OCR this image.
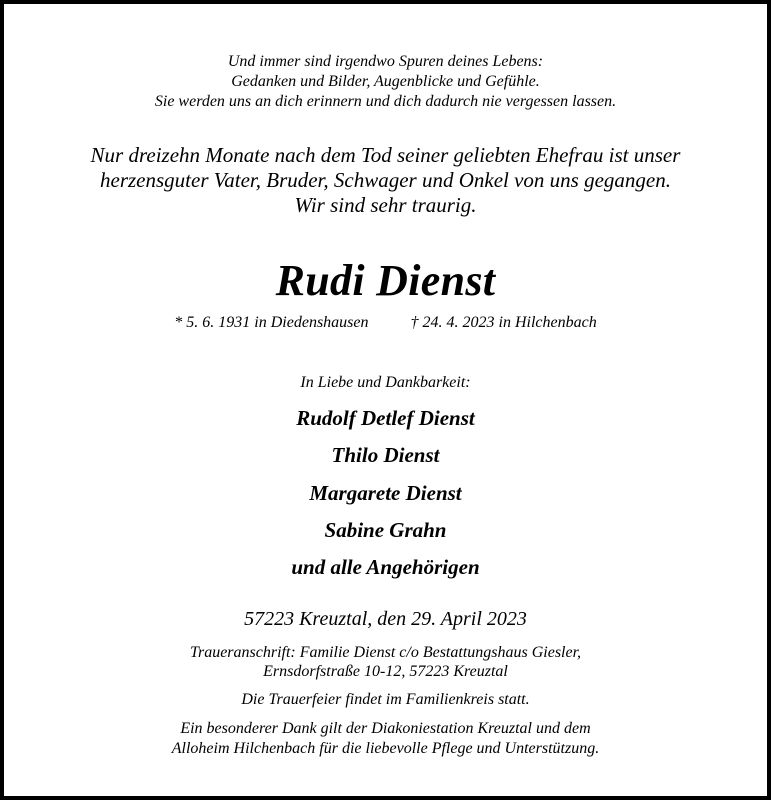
Und immer sind irgendwo Spuren deines Lebens:
Gedanken und Bilder, Augenblicke und Gefühle.
Sie werden uns an dich erinnern und dich dadurch nie vergessen lassen.
Nur dreizehn Monate nach dem Tod seiner geliebten Ehefrau ist unser
herzensguter Vater, Bruder, Schwager und Onkel von uns gegangen.
Wir sind sehr traurig.
Rudi Dienst
* 5. 6. 1931 in Diedenshausen	† 24. 4. 2023 in Hilchenbach
In Liebe und Dankbarkeit:
Rudolf Detlef Dienst
Thilo Dienst
Margarete Dienst
Sabine Grahn
und alle Angehörigen
57223 Kreuztal, den 29. April 2023
Traueranschrift: Familie Dienst c/o Bestattungshaus Giesler,
Ernsdorfstraße 10-12, 57223 Kreuztal
Die Trauerfeier findet im Familienkreis statt.
Ein besonderer Dank gilt der Diakoniestation Kreuztal und dem
Alloheim Hilchenbach für die liebevolle Pflege und Unterstützung.
